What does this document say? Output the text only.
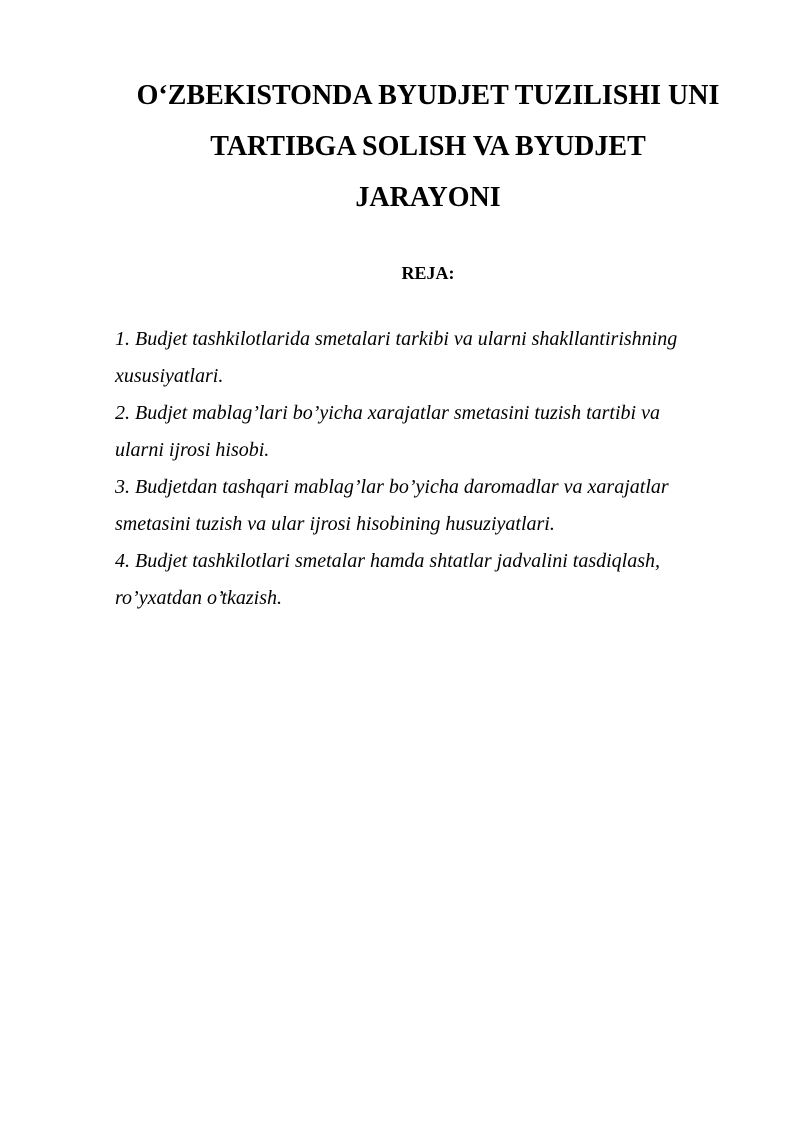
O‘ZBEKISTONDA BYUDJET TUZILISHI UNI
TARTIBGA SOLISH VA BYUDJET
JARAYONI

REJA:

1. Budjet tashkilotlarida smetalari tarkibi va ularni shakllantirishning
xususiyatlari.
2. Budjet mablag’lari bo’yicha xarajatlar smetasini tuzish tartibi va
ularni ijrosi hisobi.
3. Budjetdan tashqari mablag’lar bo’yicha daromadlar va xarajatlar
smetasini tuzish va ular ijrosi hisobining husuziyatlari.
4. Budjet tashkilotlari smetalar hamda shtatlar jadvalini tasdiqlash,
ro’yxatdan o’tkazish.
